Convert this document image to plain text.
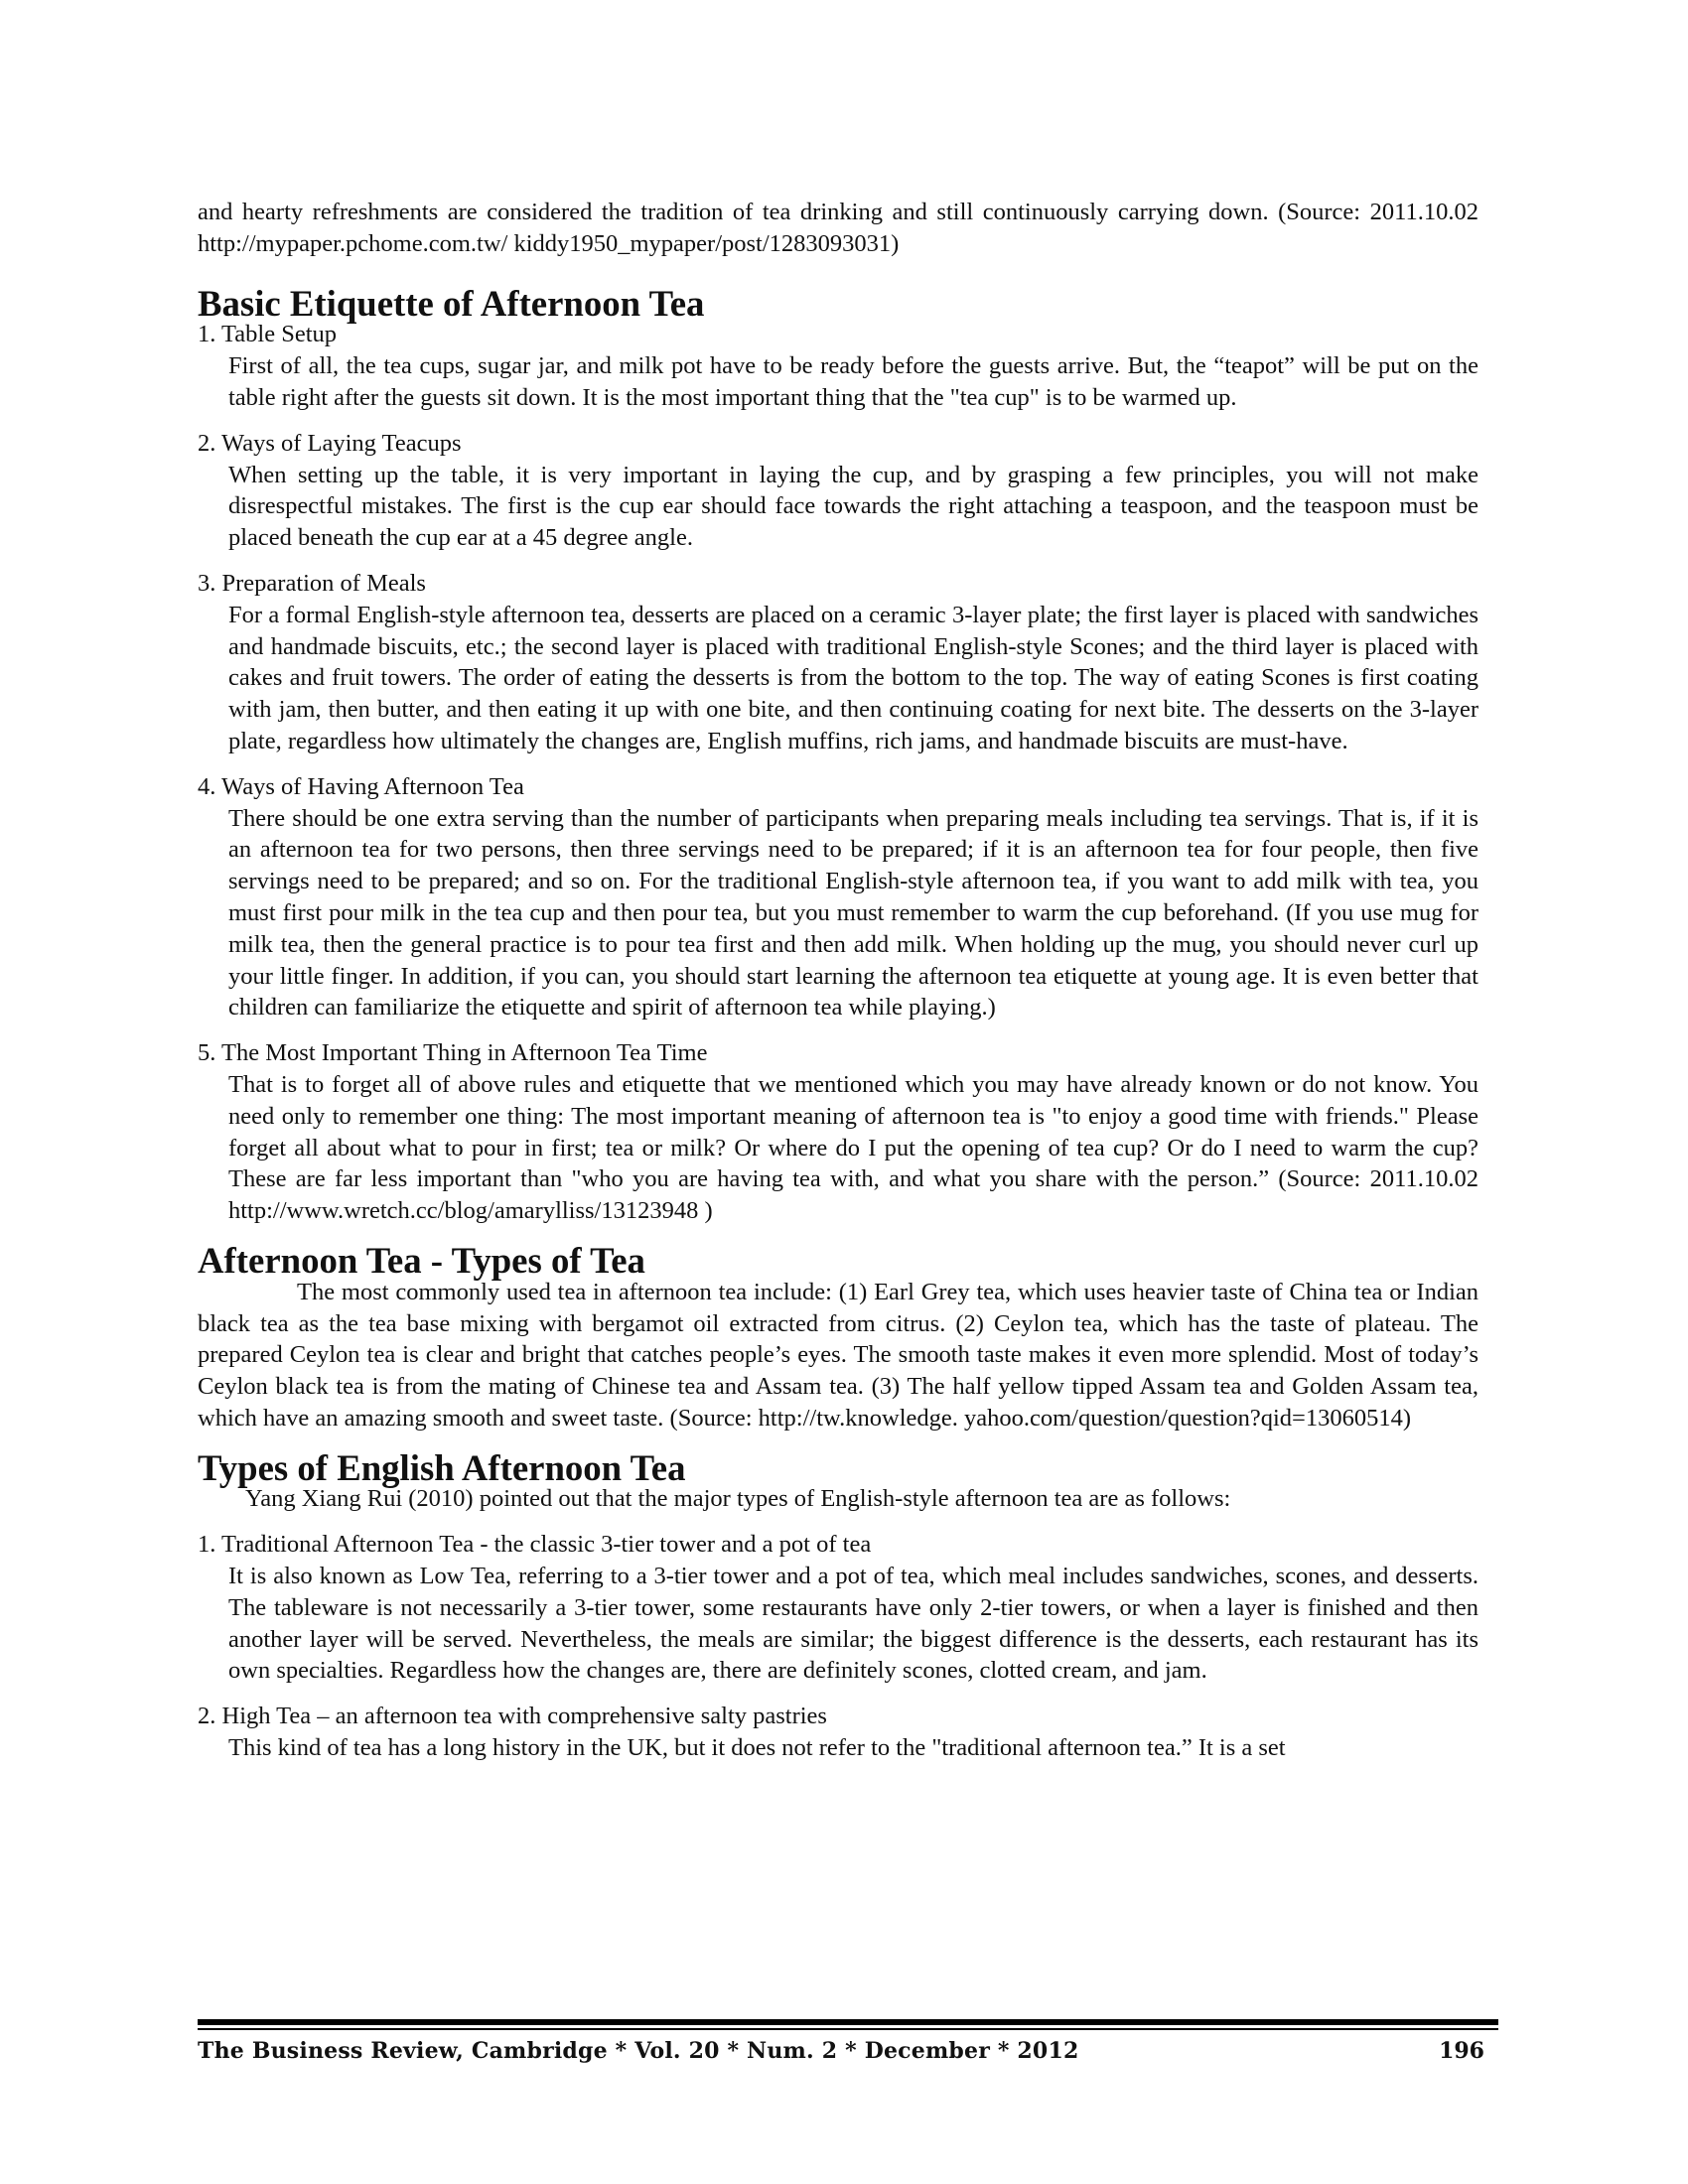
and hearty refreshments are considered the tradition of tea drinking and still continuously carrying down. (Source: 2011.10.02 http://mypaper.pchome.com.tw/ kiddy1950_mypaper/post/1283093031)

Basic Etiquette of Afternoon Tea

1. Table Setup

First of all, the tea cups, sugar jar, and milk pot have to be ready before the guests arrive. But, the “teapot” will be put on the table right after the guests sit down. It is the most important thing that the "tea cup" is to be warmed up.

2. Ways of Laying Teacups

When setting up the table, it is very important in laying the cup, and by grasping a few principles, you will not make disrespectful mistakes. The first is the cup ear should face towards the right attaching a teaspoon, and the teaspoon must be placed beneath the cup ear at a 45 degree angle.

3. Preparation of Meals

For a formal English-style afternoon tea, desserts are placed on a ceramic 3-layer plate; the first layer is placed with sandwiches and handmade biscuits, etc.; the second layer is placed with traditional English-style Scones; and the third layer is placed with cakes and fruit towers. The order of eating the desserts is from the bottom to the top. The way of eating Scones is first coating with jam, then butter, and then eating it up with one bite, and then continuing coating for next bite. The desserts on the 3-layer plate, regardless how ultimately the changes are, English muffins, rich jams, and handmade biscuits are must-have.

4. Ways of Having Afternoon Tea

There should be one extra serving than the number of participants when preparing meals including tea servings. That is, if it is an afternoon tea for two persons, then three servings need to be prepared; if it is an afternoon tea for four people, then five servings need to be prepared; and so on. For the traditional English-style afternoon tea, if you want to add milk with tea, you must first pour milk in the tea cup and then pour tea, but you must remember to warm the cup beforehand. (If you use mug for milk tea, then the general practice is to pour tea first and then add milk. When holding up the mug, you should never curl up your little finger. In addition, if you can, you should start learning the afternoon tea etiquette at young age. It is even better that children can familiarize the etiquette and spirit of afternoon tea while playing.)

5. The Most Important Thing in Afternoon Tea Time

That is to forget all of above rules and etiquette that we mentioned which you may have already known or do not know. You need only to remember one thing: The most important meaning of afternoon tea is "to enjoy a good time with friends." Please forget all about what to pour in first; tea or milk? Or where do I put the opening of tea cup? Or do I need to warm the cup? These are far less important than "who you are having tea with, and what you share with the person.” (Source: 2011.10.02 http://www.wretch.cc/blog/amarylliss/13123948 )

Afternoon Tea - Types of Tea

The most commonly used tea in afternoon tea include: (1) Earl Grey tea, which uses heavier taste of China tea or Indian black tea as the tea base mixing with bergamot oil extracted from citrus. (2) Ceylon tea, which has the taste of plateau. The prepared Ceylon tea is clear and bright that catches people’s eyes. The smooth taste makes it even more splendid. Most of today’s Ceylon black tea is from the mating of Chinese tea and Assam tea. (3) The half yellow tipped Assam tea and Golden Assam tea, which have an amazing smooth and sweet taste. (Source: http://tw.knowledge. yahoo.com/question/question?qid=13060514)

Types of English Afternoon Tea

Yang Xiang Rui (2010) pointed out that the major types of English-style afternoon tea are as follows:

1. Traditional Afternoon Tea - the classic 3-tier tower and a pot of tea

It is also known as Low Tea, referring to a 3-tier tower and a pot of tea, which meal includes sandwiches, scones, and desserts. The tableware is not necessarily a 3-tier tower, some restaurants have only 2-tier towers, or when a layer is finished and then another layer will be served. Nevertheless, the meals are similar; the biggest difference is the desserts, each restaurant has its own specialties. Regardless how the changes are, there are definitely scones, clotted cream, and jam.

2. High Tea – an afternoon tea with comprehensive salty pastries

This kind of tea has a long history in the UK, but it does not refer to the "traditional afternoon tea.” It is a set

The Business Review, Cambridge * Vol. 20 * Num. 2 * December * 2012	196
